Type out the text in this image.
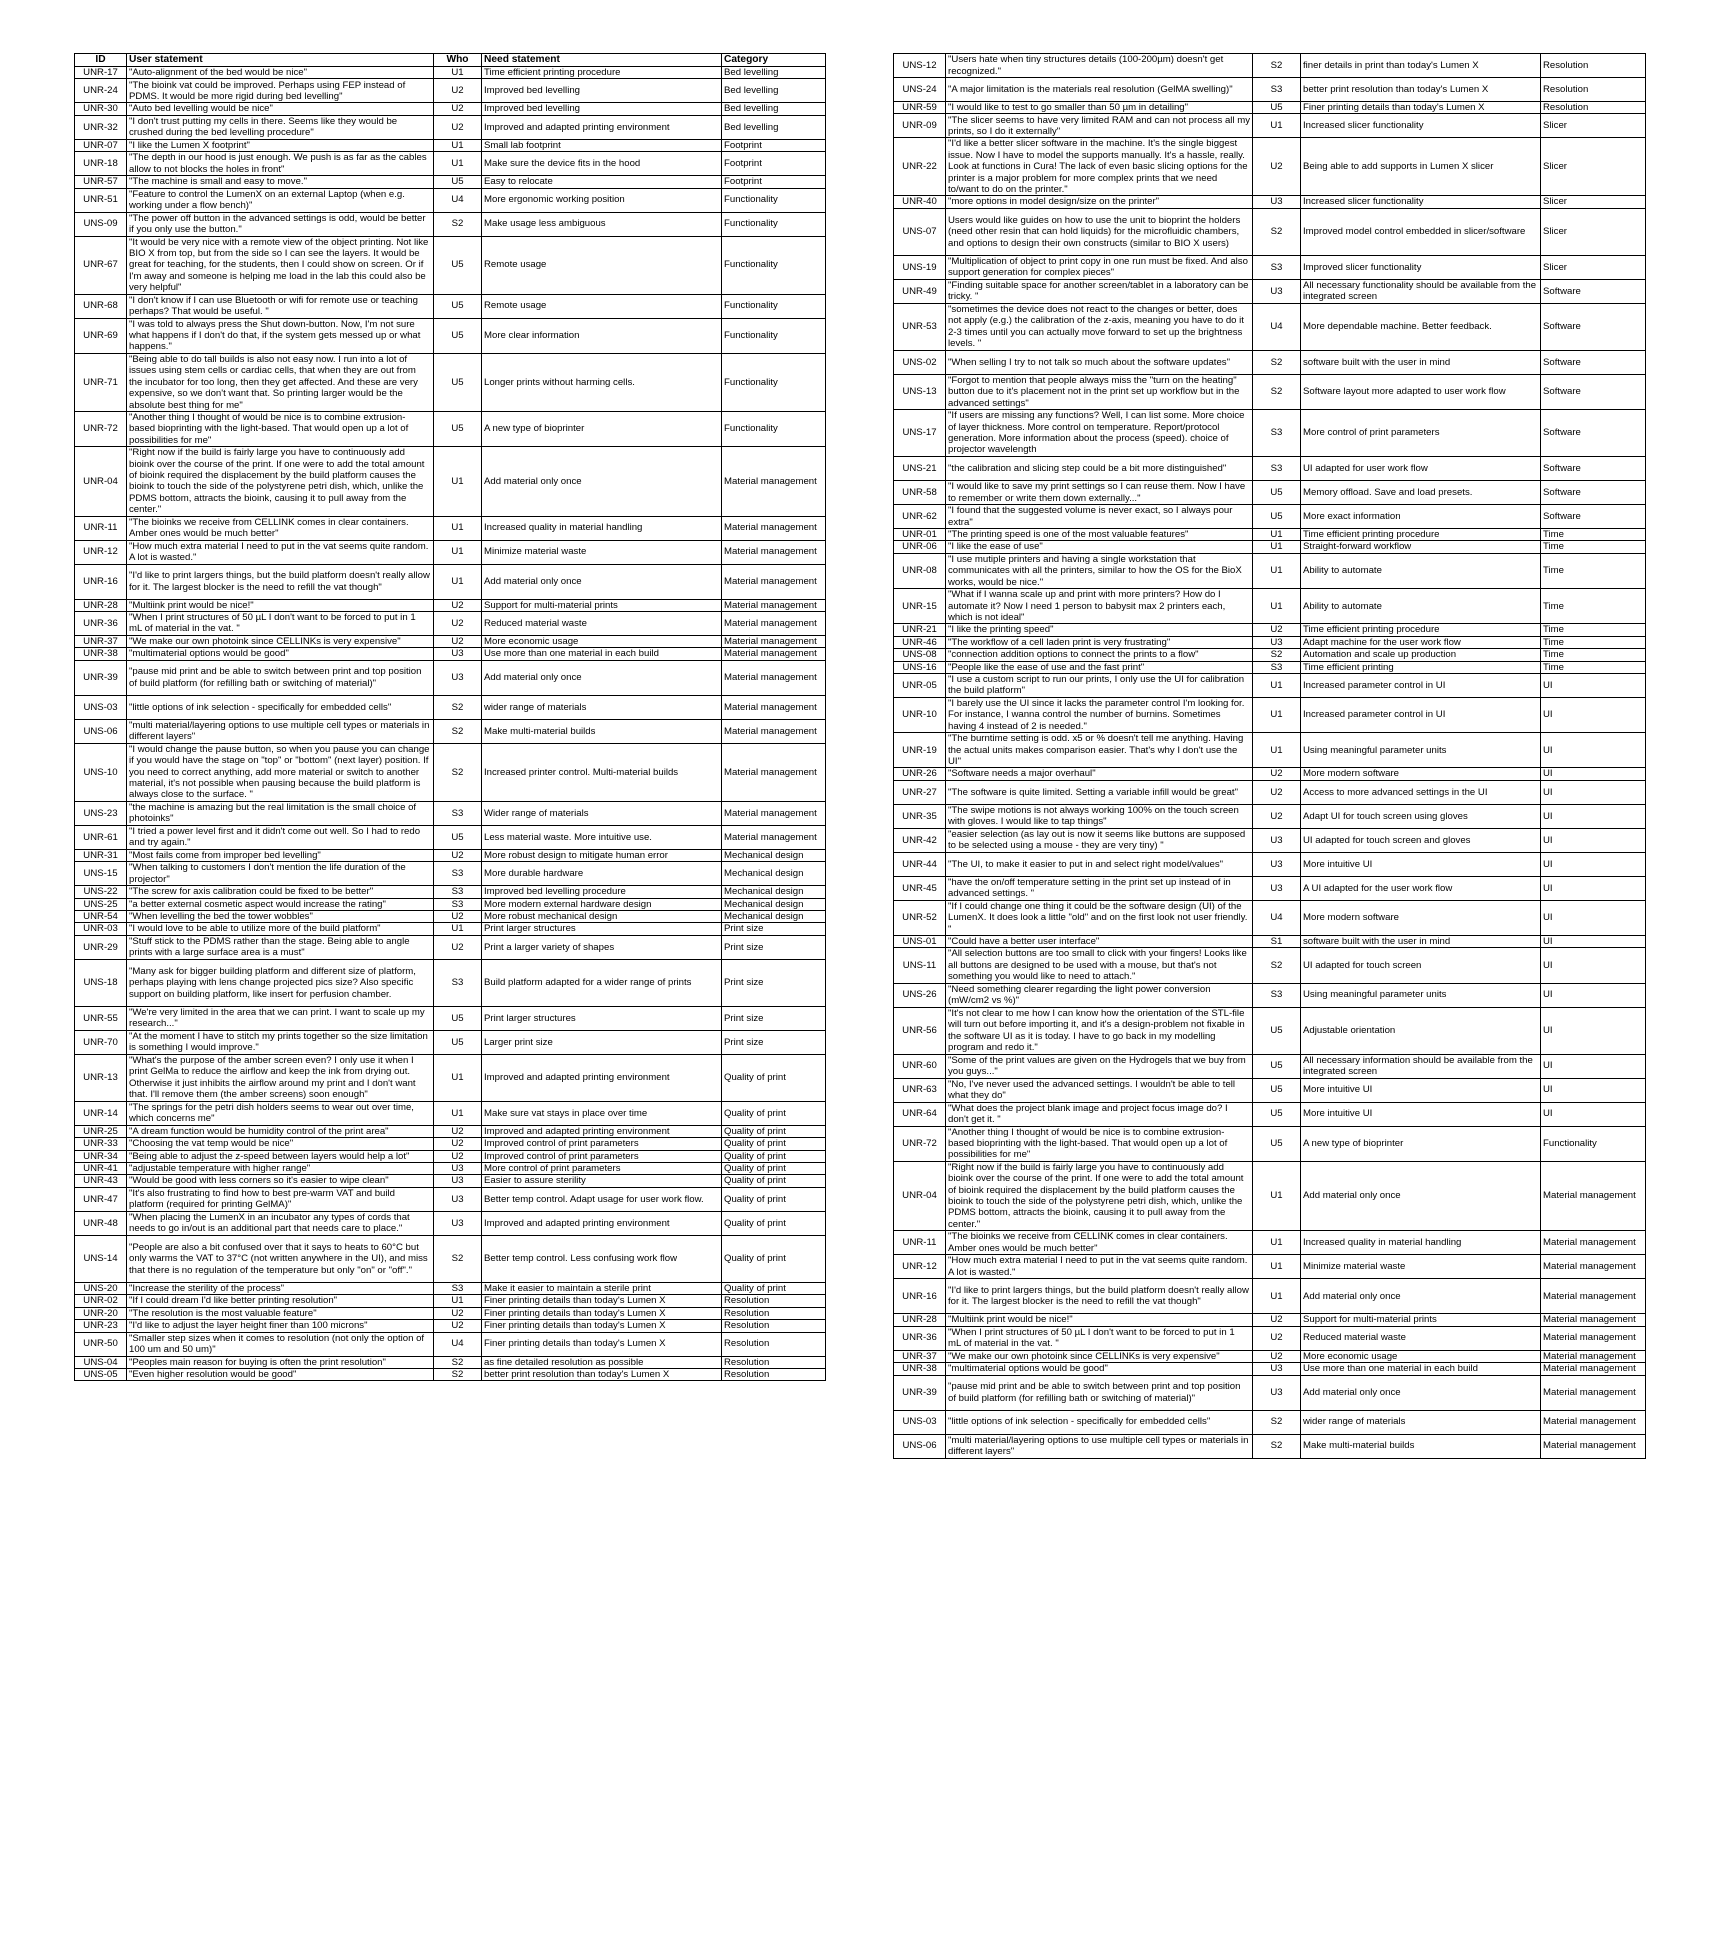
ID	User statement	Who	Need statement	Category
UNR-17	"Auto-alignment of the bed would be nice"	U1	Time efficient printing procedure	Bed levelling
UNR-24	"The bioink vat could be improved. Perhaps using FEP instead of PDMS. It would be more rigid during bed levelling"	U2	Improved bed levelling	Bed levelling
UNR-30	"Auto bed levelling would be nice"	U2	Improved bed levelling	Bed levelling
UNR-32	"I don't trust putting my cells in there. Seems like they would be crushed during the bed levelling procedure"	U2	Improved and adapted printing environment	Bed levelling
UNR-07	"I like the Lumen X footprint"	U1	Small lab footprint	Footprint
UNR-18	"The depth in our hood is just enough. We push is as far as the cables allow to not blocks the holes in front"	U1	Make sure the device fits in the hood	Footprint
UNR-57	"The machine is small and easy to move."	U5	Easy to relocate	Footprint
UNR-51	"Feature to control the LumenX on an external Laptop (when e.g. working under a flow bench)"	U4	More ergonomic working position	Functionality
UNS-09	"The power off button in the advanced settings is odd, would be better if you only use the button."	S2	Make usage less ambiguous	Functionality
UNR-67	"It would be very nice with a remote view of the object printing. Not like BIO X from top, but from the side so I can see the layers. It would be great for teaching, for the students, then I could show on screen. Or if I'm away and someone is helping me load in the lab this could also be very helpful"	U5	Remote usage	Functionality
UNR-68	"I don't know if I can use Bluetooth or wifi for remote use or teaching perhaps? That would be useful. "	U5	Remote usage	Functionality
UNR-69	"I was told to always press the Shut down-button. Now, I'm not sure what happens if I don't do that, if the system gets messed up or what happens."	U5	More clear information	Functionality
UNR-71	"Being able to do tall builds is also not easy now. I run into a lot of issues using stem cells or cardiac cells, that when they are out from the incubator for too long, then they get affected. And these are very expensive, so we don't want that. So printing larger would be the absolute best thing for me"	U5	Longer prints without harming cells.	Functionality
UNR-72	"Another thing I thought of would be nice is to combine extrusion-based bioprinting with the light-based. That would open up a lot of possibilities for me"	U5	A new type of bioprinter	Functionality
UNR-04	"Right now if the build is fairly large you have to continuously add bioink over the course of the print. If one were to add the total amount of bioink required the displacement by the build platform causes the bioink to touch the side of the polystyrene petri dish, which, unlike the PDMS bottom, attracts the bioink, causing it to pull away from the center."	U1	Add material only once	Material management
UNR-11	"The bioinks we receive from CELLINK comes in clear containers. Amber ones would be much better"	U1	Increased quality in material handling	Material management
UNR-12	"How much extra material I need to put in the vat seems quite random. A lot is wasted."	U1	Minimize material waste	Material management
UNR-16	"I'd like to print largers things, but the build platform doesn't really allow for it. The largest blocker is the need to refill the vat though"	U1	Add material only once	Material management
UNR-28	"Multiink print would be nice!"	U2	Support for multi-material prints	Material management
UNR-36	"When I print structures of 50 µL I don't want to be forced to put in 1 mL of material in the vat. "	U2	Reduced material waste	Material management
UNR-37	"We make our own photoink since CELLINKs is very expensive"	U2	More economic usage	Material management
UNR-38	"multimaterial options would be good"	U3	Use more than one material in each build	Material management
UNR-39	"pause mid print and be able to switch between print and top position of build platform (for refilling bath or switching of material)"	U3	Add material only once	Material management
UNS-03	"little options of ink selection - specifically for embedded cells"	S2	wider range of materials	Material management
UNS-06	"multi material/layering options to use multiple cell types or materials in different layers"	S2	Make multi-material builds	Material management
UNS-10	"I would change the pause button, so when you pause you can change if you would have the stage on "top" or "bottom" (next layer) position. If you need to correct anything, add more material or switch to another material, it's not possible when pausing because the build platform is always close to the surface. "	S2	Increased printer control. Multi-material builds	Material management
UNS-23	"the machine is amazing but the real limitation is the small choice of photoinks"	S3	Wider range of materials	Material management
UNR-61	"I tried a power level first and it didn't come out well. So I had to redo and try again."	U5	Less material waste. More intuitive use.	Material management
UNR-31	"Most fails come from improper bed levelling"	U2	More robust design to mitigate human error	Mechanical design
UNS-15	"When talking to customers I don't mention the life duration of the projector"	S3	More durable hardware	Mechanical design
UNS-22	"The screw for axis calibration could be fixed to be better"	S3	Improved bed levelling procedure	Mechanical design
UNS-25	"a better external cosmetic aspect would increase the rating"	S3	More modern external hardware design	Mechanical design
UNR-54	"When levelling the bed the tower wobbles"	U2	More robust mechanical design	Mechanical design
UNR-03	"I would love to be able to utilize more of the build platform"	U1	Print larger structures	Print size
UNR-29	"Stuff stick to the PDMS rather than the stage. Being able to angle prints with a large surface area is a must"	U2	Print a larger variety of shapes	Print size
UNS-18	"Many ask for bigger building platform and different size of platform, perhaps playing with lens change projected pics size? Also specific support on building platform, like insert for perfusion chamber.	S3	Build platform adapted for a wider range of prints	Print size
UNR-55	"We're very limited in the area that we can print. I want to scale up my research..."	U5	Print larger structures	Print size
UNR-70	"At the moment I have to stitch my prints together so the size limitation is something I would improve."	U5	Larger print size	Print size
UNR-13	"What's the purpose of the amber screen even? I only use it when I print GelMa to reduce the airflow and keep the ink from drying out. Otherwise it just inhibits the airflow around my print and I don't want that. I'll remove them (the amber screens) soon enough"	U1	Improved and adapted printing environment	Quality of print
UNR-14	"The springs for the petri dish holders seems to wear out over time, which concerns me"	U1	Make sure vat stays in place over time	Quality of print
UNR-25	"A dream function would be humidity control of the print area"	U2	Improved and adapted printing environment	Quality of print
UNR-33	"Choosing the vat temp would be nice"	U2	Improved control of print parameters	Quality of print
UNR-34	"Being able to adjust the z-speed between layers would help a lot"	U2	Improved control of print parameters	Quality of print
UNR-41	"adjustable temperature with higher range"	U3	More control of print parameters	Quality of print
UNR-43	"Would be good with less corners so it's easier to wipe clean"	U3	Easier to assure sterility	Quality of print
UNR-47	"It's also frustrating to find how to best pre-warm VAT and build platform (required for printing GelMA)"	U3	Better temp control. Adapt usage for user work flow.	Quality of print
UNR-48	"When placing the LumenX in an incubator any types of cords that needs to go in/out is an additional part that needs care to place."	U3	Improved and adapted printing environment	Quality of print
UNS-14	"People are also a bit confused over that it says to heats to 60°C but only warms the VAT to 37°C (not written anywhere in the UI), and miss that there is no regulation of the temperature but only "on" or "off"."	S2	Better temp control. Less confusing work flow	Quality of print
UNS-20	"Increase the sterility of the process"	S3	Make it easier to maintain a sterile print	Quality of print
UNR-02	"If I could dream I'd like better printing resolution"	U1	Finer printing details than today's Lumen X	Resolution
UNR-20	"The resolution is the most valuable feature"	U2	Finer printing details than today's Lumen X	Resolution
UNR-23	"I'd like to adjust the layer height finer than 100 microns"	U2	Finer printing details than today's Lumen X	Resolution
UNR-50	"Smaller step sizes when it comes to resolution (not only the option of 100 um and 50 um)"	U4	Finer printing details than today's Lumen X	Resolution
UNS-04	"Peoples main reason for buying is often the print resolution"	S2	as fine detailed resolution as possible	Resolution
UNS-05	"Even higher resolution would be good"	S2	better print resolution than today's Lumen X	Resolution
UNS-12	"Users hate when tiny structures details (100-200µm) doesn't get recognized."	S2	finer details in print than today's Lumen X	Resolution
UNS-24	"A major limitation is the materials real resolution (GelMA swelling)"	S3	better print resolution than today's Lumen X	Resolution
UNR-59	"I would like to test to go smaller than 50 µm in detailing"	U5	Finer printing details than today's Lumen X	Resolution
UNR-09	"The slicer seems to have very limited RAM and can not process all my prints, so I do it externally"	U1	Increased slicer functionality	Slicer
UNR-22	"I'd like a better slicer software in the machine. It's the single biggest issue. Now I have to model the supports manually. It's a hassle, really. Look at functions in Cura! The lack of even basic slicing options for the printer is a major problem for more complex prints that we need to/want to do on the printer."	U2	Being able to add supports in Lumen X slicer	Slicer
UNR-40	"more options in model design/size on the printer"	U3	Increased slicer functionality	Slicer
UNS-07	Users would like guides on how to use the unit to bioprint the holders (need other resin that can hold liquids) for the microfluidic chambers, and options to design their own constructs (similar to BIO X users)	S2	Improved model control embedded in slicer/software	Slicer
UNS-19	"Multiplication of object to print copy in one run must be fixed. And also support generation for complex pieces"	S3	Improved slicer functionality	Slicer
UNR-49	"Finding suitable space for another screen/tablet in a laboratory can be tricky. "	U3	All necessary functionality should be available from the integrated screen	Software
UNR-53	"sometimes the device does not react to the changes or better, does not apply (e.g.) the calibration of the z-axis, meaning you have to do it 2-3 times until you can actually move forward to set up the brightness levels. "	U4	More dependable machine. Better feedback.	Software
UNS-02	"When selling I try to not talk so much about the software updates"	S2	software built with the user in mind	Software
UNS-13	"Forgot to mention that people always miss the "turn on the heating" button due to it's placement not in the print set up workflow but in the advanced settings"	S2	Software layout more adapted to user work flow	Software
UNS-17	"If users are missing any functions? Well, I can list some. More choice of layer thickness. More control on temperature. Report/protocol generation. More information about the process (speed). choice of projector wavelength	S3	More control of print parameters	Software
UNS-21	"the calibration and slicing step could be a bit more distinguished"	S3	UI adapted for user work flow	Software
UNR-58	"I would like to save my print settings so I can reuse them. Now I have to remember or write them down externally..."	U5	Memory offload. Save and load presets.	Software
UNR-62	"I found that the suggested volume is never exact, so I always pour extra"	U5	More exact information	Software
UNR-01	"The printing speed is one of the most valuable features"	U1	Time efficient printing procedure	Time
UNR-06	"I like the ease of use"	U1	Straight-forward workflow	Time
UNR-08	"I use mutiple printers and having a single workstation that communicates with all the printers, similar to how the OS for the BioX works, would be nice."	U1	Ability to automate	Time
UNR-15	"What if I wanna scale up and print with more printers? How do I automate it? Now I need 1 person to babysit max 2 printers each, which is not ideal"	U1	Ability to automate	Time
UNR-21	"I like the printing speed"	U2	Time efficient printing procedure	Time
UNR-46	"The workflow of a cell laden print is very frustrating"	U3	Adapt machine for the user work flow	Time
UNS-08	"connection addition options to connect the prints to a flow"	S2	Automation and scale up production	Time
UNS-16	"People like the ease of use and the fast print"	S3	Time efficient printing	Time
UNR-05	"I use a custom script to run our prints, I only use the UI for calibration the build platform"	U1	Increased parameter control in UI	UI
UNR-10	"I barely use the UI since it lacks the parameter control I'm looking for. For instance, I wanna control the number of burnins. Sometimes having 4 instead of 2 is needed."	U1	Increased parameter control in UI	UI
UNR-19	"The burntime setting is odd. x5 or % doesn't tell me anything. Having the actual units makes comparison easier. That's why I don't use the UI"	U1	Using meaningful parameter units	UI
UNR-26	"Software needs a major overhaul"	U2	More modern software	UI
UNR-27	"The software is quite limited. Setting a variable infill would be great"	U2	Access to more advanced settings in the UI	UI
UNR-35	"The swipe motions is not always working 100% on the touch screen with gloves. I would like to tap things"	U2	Adapt UI for touch screen using gloves	UI
UNR-42	"easier selection (as lay out is now it seems like buttons are supposed to be selected using a mouse - they are very tiny) "	U3	UI adapted for touch screen and gloves	UI
UNR-44	"The UI, to make it easier to put in and select right model/values"	U3	More intuitive UI	UI
UNR-45	"have the on/off temperature setting in the print set up instead of in advanced settings. "	U3	A UI adapted for the user work flow	UI
UNR-52	"If I could change one thing it could be the software design (UI) of the LumenX. It does look a little "old" and on the first look not user friendly. "	U4	More modern software	UI
UNS-01	"Could have a better user interface"	S1	software built with the user in mind	UI
UNS-11	"All selection buttons are too small to click with your fingers! Looks like all buttons are designed to be used with a mouse, but that's not something you would like to need to attach."	S2	UI adapted for touch screen	UI
UNS-26	"Need something clearer regarding the light power conversion (mW/cm2 vs %)"	S3	Using meaningful parameter units	UI
UNR-56	"It's not clear to me how I can know how the orientation of the STL-file will turn out before importing it, and it's a design-problem not fixable in the software UI as it is today. I have to go back in my modelling program and redo it."	U5	Adjustable orientation	UI
UNR-60	"Some of the print values are given on the Hydrogels that we buy from you guys..."	U5	All necessary information should be available from the integrated screen	UI
UNR-63	"No, I've never used the advanced settings. I wouldn't be able to tell what they do"	U5	More intuitive UI	UI
UNR-64	"What does the project blank image and project focus image do? I don't get it. "	U5	More intuitive UI	UI
UNR-72	"Another thing I thought of would be nice is to combine extrusion-based bioprinting with the light-based. That would open up a lot of possibilities for me"	U5	A new type of bioprinter	Functionality
UNR-04	"Right now if the build is fairly large you have to continuously add bioink over the course of the print. If one were to add the total amount of bioink required the displacement by the build platform causes the bioink to touch the side of the polystyrene petri dish, which, unlike the PDMS bottom, attracts the bioink, causing it to pull away from the center."	U1	Add material only once	Material management
UNR-11	"The bioinks we receive from CELLINK comes in clear containers. Amber ones would be much better"	U1	Increased quality in material handling	Material management
UNR-12	"How much extra material I need to put in the vat seems quite random. A lot is wasted."	U1	Minimize material waste	Material management
UNR-16	"I'd like to print largers things, but the build platform doesn't really allow for it. The largest blocker is the need to refill the vat though"	U1	Add material only once	Material management
UNR-28	"Multiink print would be nice!"	U2	Support for multi-material prints	Material management
UNR-36	"When I print structures of 50 µL I don't want to be forced to put in 1 mL of material in the vat. "	U2	Reduced material waste	Material management
UNR-37	"We make our own photoink since CELLINKs is very expensive"	U2	More economic usage	Material management
UNR-38	"multimaterial options would be good"	U3	Use more than one material in each build	Material management
UNR-39	"pause mid print and be able to switch between print and top position of build platform (for refilling bath or switching of material)"	U3	Add material only once	Material management
UNS-03	"little options of ink selection - specifically for embedded cells"	S2	wider range of materials	Material management
UNS-06	"multi material/layering options to use multiple cell types or materials in different layers"	S2	Make multi-material builds	Material management
